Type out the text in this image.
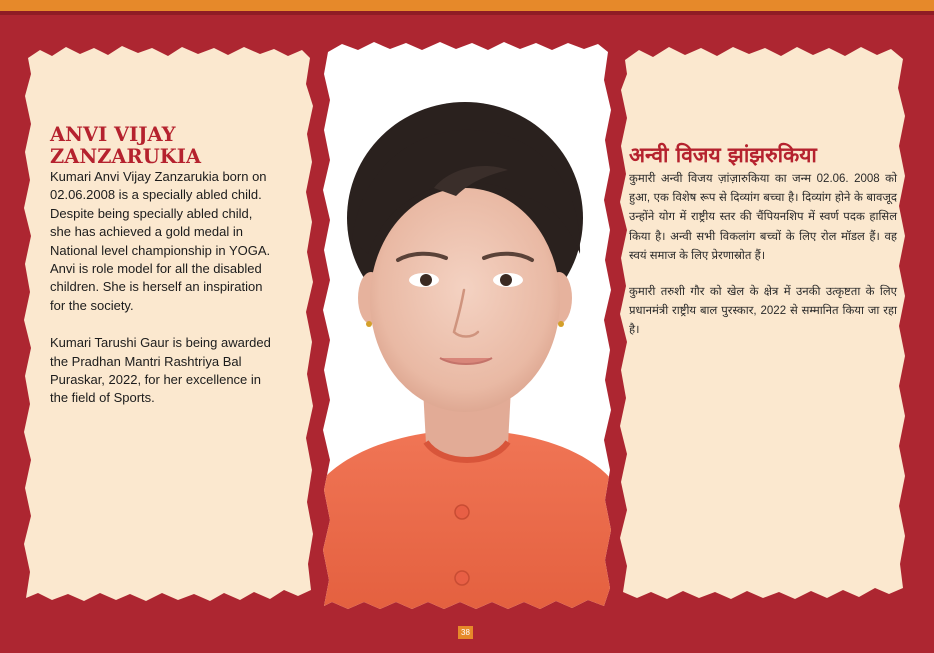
ANVI VIJAY ZANZARUKIA

Kumari Anvi Vijay Zanzarukia born on 02.06.2008 is a specially abled child. Despite being specially abled child, she has achieved a gold medal in National level championship in YOGA. Anvi is role model for all the disabled children. She is herself an inspiration for the society.

Kumari Tarushi Gaur is being awarded the Pradhan Mantri Rashtriya Bal Puraskar, 2022, for her excellence in the field of Sports.

अन्वी विजय झांझरुकिया

कुमारी अन्वी विजय ज़ांज़ारुकिया का जन्म 02.06. 2008 को हुआ, एक विशेष रूप से दिव्यांग बच्चा है। दिव्यांग होने के बावजूद उन्होंने योग में राष्ट्रीय स्तर की चैंपियनशिप में स्वर्ण पदक हासिल किया है। अन्वी सभी विकलांग बच्चों के लिए रोल मॉडल हैं। वह स्वयं समाज के लिए प्रेरणास्रोत हैं।

कुमारी तरुशी गौर को खेल के क्षेत्र में उनकी उत्कृष्टता के लिए प्रधानमंत्री राष्ट्रीय बाल पुरस्कार, 2022 से सम्मानित किया जा रहा है।

38
